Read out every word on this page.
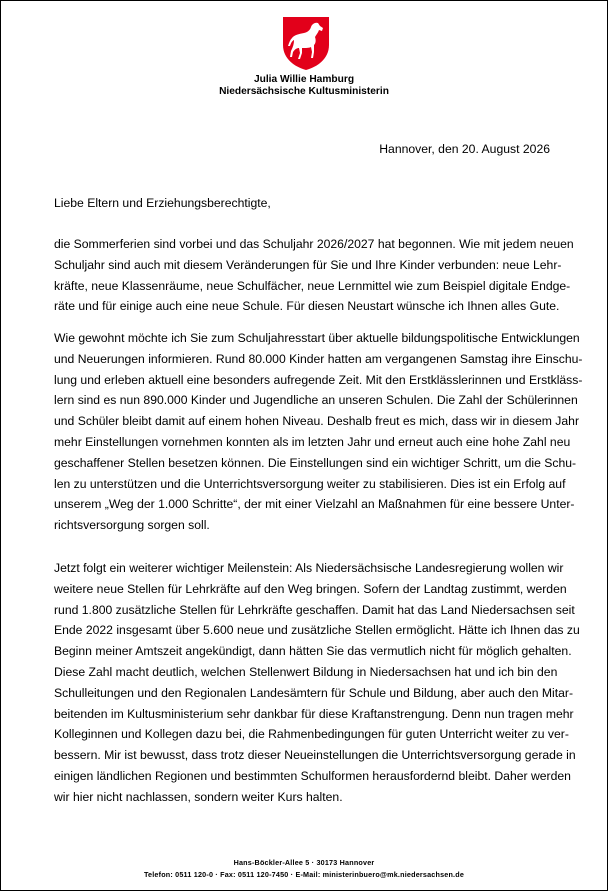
Julia Willie Hamburg
Niedersächsische Kultusministerin
Hannover, den 20. August 2026
Liebe Eltern und Erziehungsberechtigte,
die Sommerferien sind vorbei und das Schuljahr 2026/2027 hat begonnen. Wie mit jedem neuen
Schuljahr sind auch mit diesem Veränderungen für Sie und Ihre Kinder verbunden: neue Lehr-
kräfte, neue Klassenräume, neue Schulfächer, neue Lernmittel wie zum Beispiel digitale Endge-
räte und für einige auch eine neue Schule. Für diesen Neustart wünsche ich Ihnen alles Gute.
Wie gewohnt möchte ich Sie zum Schuljahresstart über aktuelle bildungspolitische Entwicklungen
und Neuerungen informieren. Rund 80.000 Kinder hatten am vergangenen Samstag ihre Einschu-
lung und erleben aktuell eine besonders aufregende Zeit. Mit den Erstklässlerinnen und Erstkläss-
lern sind es nun 890.000 Kinder und Jugendliche an unseren Schulen. Die Zahl der Schülerinnen
und Schüler bleibt damit auf einem hohen Niveau. Deshalb freut es mich, dass wir in diesem Jahr
mehr Einstellungen vornehmen konnten als im letzten Jahr und erneut auch eine hohe Zahl neu
geschaffener Stellen besetzen können. Die Einstellungen sind ein wichtiger Schritt, um die Schu-
len zu unterstützen und die Unterrichtsversorgung weiter zu stabilisieren. Dies ist ein Erfolg auf
unserem „Weg der 1.000 Schritte“, der mit einer Vielzahl an Maßnahmen für eine bessere Unter-
richtsversorgung sorgen soll.
Jetzt folgt ein weiterer wichtiger Meilenstein: Als Niedersächsische Landesregierung wollen wir
weitere neue Stellen für Lehrkräfte auf den Weg bringen. Sofern der Landtag zustimmt, werden
rund 1.800 zusätzliche Stellen für Lehrkräfte geschaffen. Damit hat das Land Niedersachsen seit
Ende 2022 insgesamt über 5.600 neue und zusätzliche Stellen ermöglicht. Hätte ich Ihnen das zu
Beginn meiner Amtszeit angekündigt, dann hätten Sie das vermutlich nicht für möglich gehalten.
Diese Zahl macht deutlich, welchen Stellenwert Bildung in Niedersachsen hat und ich bin den
Schulleitungen und den Regionalen Landesämtern für Schule und Bildung, aber auch den Mitar-
beitenden im Kultusministerium sehr dankbar für diese Kraftanstrengung. Denn nun tragen mehr
Kolleginnen und Kollegen dazu bei, die Rahmenbedingungen für guten Unterricht weiter zu ver-
bessern. Mir ist bewusst, dass trotz dieser Neueinstellungen die Unterrichtsversorgung gerade in
einigen ländlichen Regionen und bestimmten Schulformen herausfordernd bleibt. Daher werden
wir hier nicht nachlassen, sondern weiter Kurs halten.
Hans-Böckler-Allee 5 · 30173 Hannover
Telefon: 0511 120-0 · Fax: 0511 120-7450 · E-Mail: ministerinbuero@mk.niedersachsen.de
